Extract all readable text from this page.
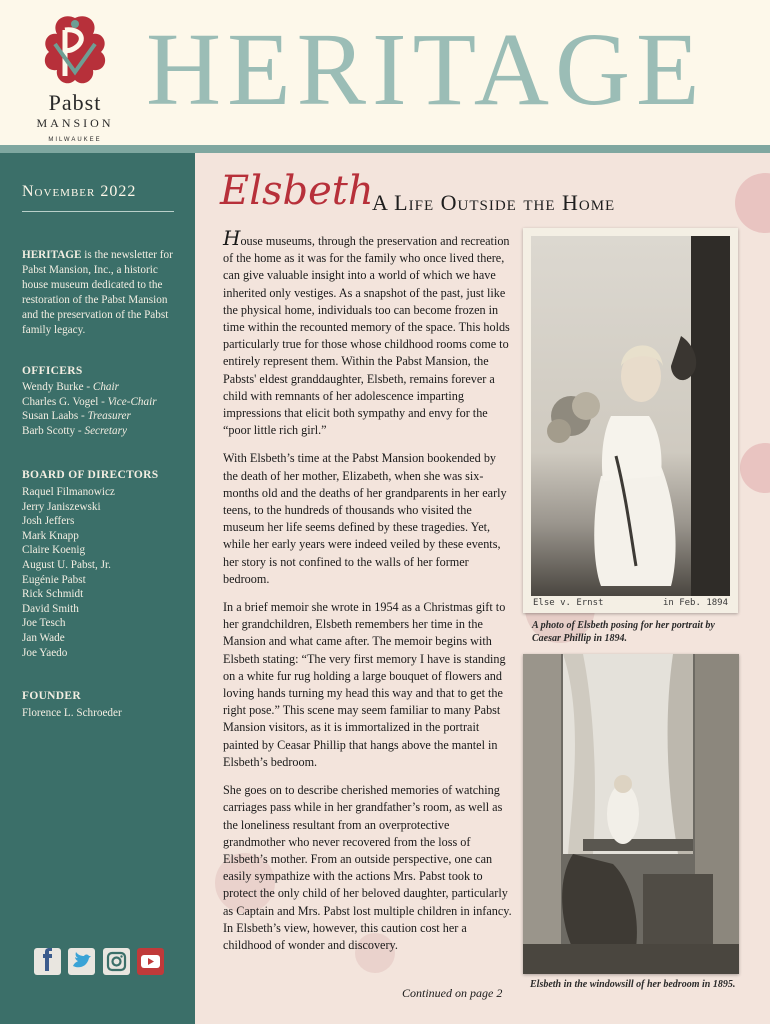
Pabst
MANSION
MILWAUKEE
HERITAGE
November 2022
HERITAGE is the newsletter for Pabst Mansion, Inc., a historic house museum dedicated to the restoration of the Pabst Mansion and the preservation of the Pabst family legacy.
OFFICERS
Wendy Burke - Chair
Charles G. Vogel - Vice-Chair
Susan Laabs - Treasurer
Barb Scotty - Secretary
BOARD OF DIRECTORS
Raquel Filmanowicz
Jerry Janiszewski
Josh Jeffers
Mark Knapp
Claire Koenig
August U. Pabst, Jr.
Eugénie Pabst
Rick Schmidt
David Smith
Joe Tesch
Jan Wade
Joe Yaedo
FOUNDER
Florence L. Schroeder
Elsbeth
A Life Outside the Home

House museums, through the preservation and recreation of the home as it was for the family who once lived there, can give valuable insight into a world of which we have inherited only vestiges. As a snapshot of the past, just like the physical home, individuals too can become frozen in time within the recounted memory of the space. This holds particularly true for those whose childhood rooms come to entirely represent them. Within the Pabst Mansion, the Pabsts' eldest granddaughter, Elsbeth, remains forever a child with remnants of her adolescence imparting impressions that elicit both sympathy and envy for the “poor little rich girl.”

With Elsbeth’s time at the Pabst Mansion bookended by the death of her mother, Elizabeth, when she was six-months old and the deaths of her grandparents in her early teens, to the hundreds of thousands who visited the museum her life seems defined by these tragedies. Yet, while her early years were indeed veiled by these events, her story is not confined to the walls of her former bedroom.

In a brief memoir she wrote in 1954 as a Christmas gift to her grandchildren, Elsbeth remembers her time in the Mansion and what came after. The memoir begins with Elsbeth stating: “The very first memory I have is standing on a white fur rug holding a large bouquet of flowers and loving hands turning my head this way and that to get the right pose.” This scene may seem familiar to many Pabst Mansion visitors, as it is immortalized in the portrait painted by Ceasar Phillip that hangs above the mantel in Elsbeth’s bedroom.

She goes on to describe cherished memories of watching carriages pass while in her grandfather’s room, as well as the loneliness resultant from an overprotective grandmother who never recovered from the loss of Elsbeth’s mother. From an outside perspective, one can easily sympathize with the actions Mrs. Pabst took to protect the only child of her beloved daughter, particularly as Captain and Mrs. Pabst lost multiple children in infancy. In Elsbeth’s view, however, this caution cost her a childhood of wonder and discovery.

Continued on page 2
Else v. Ernst	in Feb. 1894
A photo of Elsbeth posing for her portrait by Caesar Phillip in 1894.
Elsbeth in the windowsill of her bedroom in 1895.
